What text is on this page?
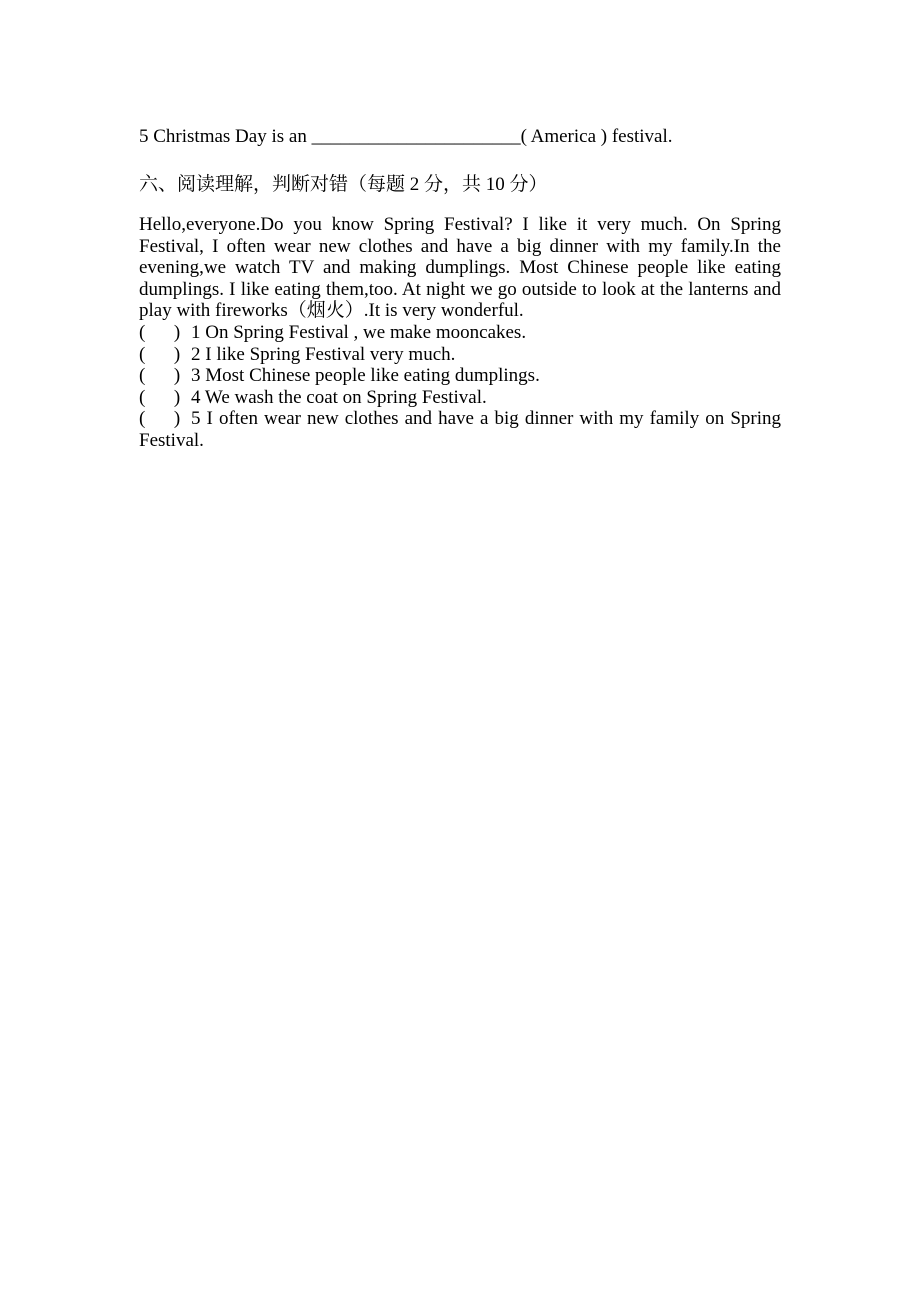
5 Christmas Day is an ______________________( America ) festival.
六、阅读理解，判断对错（每题 2 分，共 10 分）
Hello,everyone.Do you know Spring Festival? I like it very much. On Spring Festival, I often wear new clothes and have a big dinner with my family.In the evening,we watch TV and making dumplings. Most Chinese people like eating dumplings. I like eating them,too. At night we go outside to look at the lanterns and play with fireworks（烟火）.It is very wonderful.
(      ) 1 On Spring Festival , we make mooncakes.
(      ) 2 I like Spring Festival very much.
(      ) 3 Most Chinese people like eating dumplings.
(      ) 4 We wash the coat on Spring Festival.
(      ) 5 I often wear new clothes and have a big dinner with my family on Spring Festival.
